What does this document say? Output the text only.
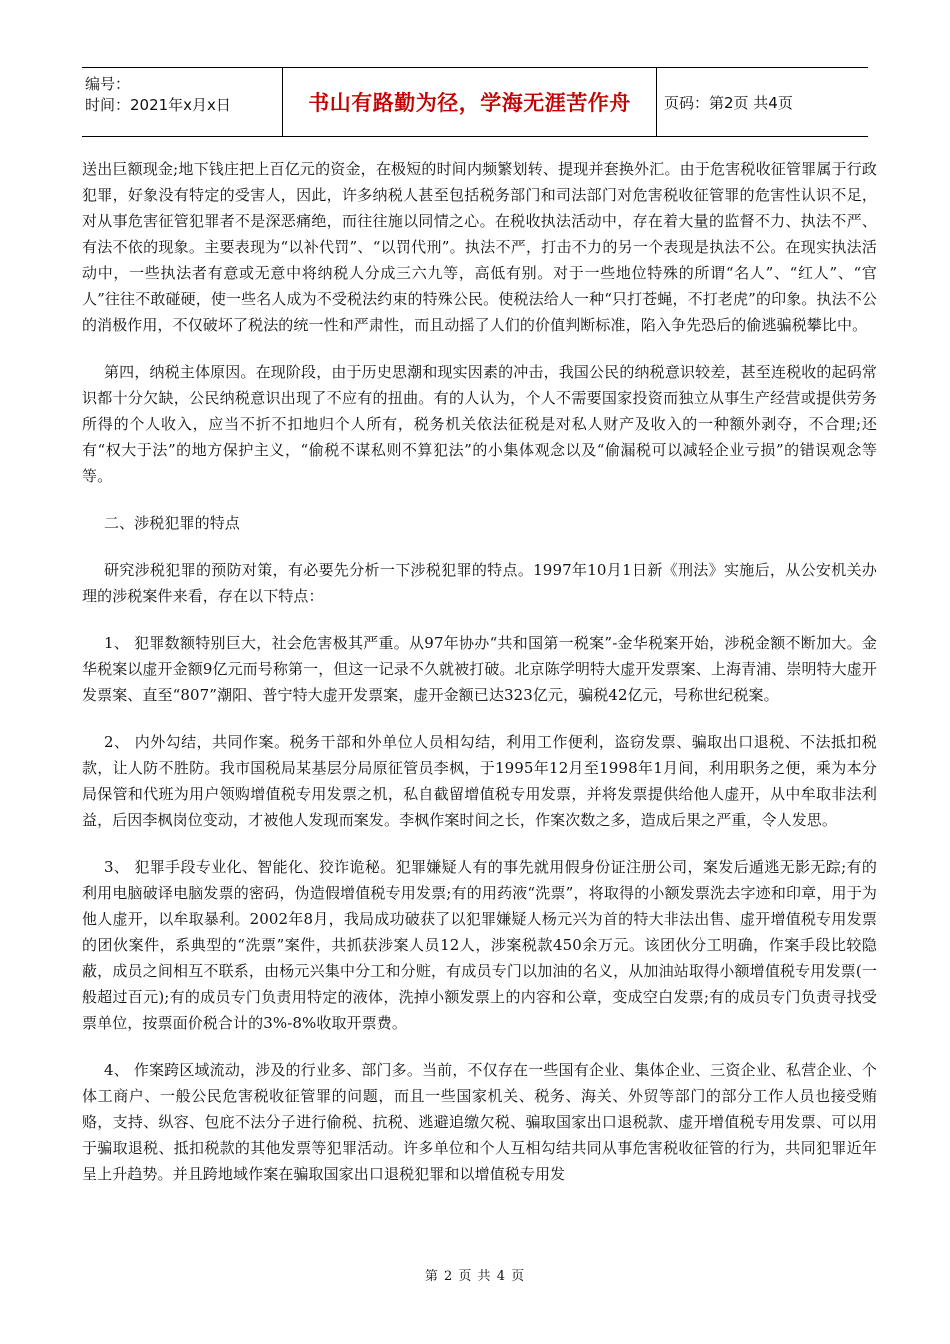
编号：
时间：2021年x月x日	书山有路勤为径，学海无涯苦作舟	页码：第2页 共4页

送出巨额现金;地下钱庄把上百亿元的资金，在极短的时间内频繁划转、提现并套换外汇。由于危害税收征管罪属于行政犯罪，好象没有特定的受害人，因此，许多纳税人甚至包括税务部门和司法部门对危害税收征管罪的危害性认识不足，对从事危害征管犯罪者不是深恶痛绝，而往往施以同情之心。在税收执法活动中，存在着大量的监督不力、执法不严、有法不依的现象。主要表现为“以补代罚”、“以罚代刑”。执法不严，打击不力的另一个表现是执法不公。在现实执法活动中，一些执法者有意或无意中将纳税人分成三六九等，高低有别。对于一些地位特殊的所谓“名人”、“红人”、“官人”往往不敢碰硬，使一些名人成为不受税法约束的特殊公民。使税法给人一种“只打苍蝇，不打老虎”的印象。执法不公的消极作用，不仅破坏了税法的统一性和严肃性，而且动摇了人们的价值判断标准，陷入争先恐后的偷逃骗税攀比中。

第四，纳税主体原因。在现阶段，由于历史思潮和现实因素的冲击，我国公民的纳税意识较差，甚至连税收的起码常识都十分欠缺，公民纳税意识出现了不应有的扭曲。有的人认为，个人不需要国家投资而独立从事生产经营或提供劳务所得的个人收入，应当不折不扣地归个人所有，税务机关依法征税是对私人财产及收入的一种额外剥夺，不合理;还有“权大于法”的地方保护主义，“偷税不谋私则不算犯法”的小集体观念以及“偷漏税可以减轻企业亏损”的错误观念等等。

二、涉税犯罪的特点

研究涉税犯罪的预防对策，有必要先分析一下涉税犯罪的特点。1997年10月1日新《刑法》实施后，从公安机关办理的涉税案件来看，存在以下特点：

1、 犯罪数额特别巨大，社会危害极其严重。从97年协办“共和国第一税案”-金华税案开始，涉税金额不断加大。金华税案以虚开金额9亿元而号称第一，但这一记录不久就被打破。北京陈学明特大虚开发票案、上海青浦、崇明特大虚开发票案、直至“807”潮阳、普宁特大虚开发票案，虚开金额已达323亿元，骗税42亿元，号称世纪税案。

2、 内外勾结，共同作案。税务干部和外单位人员相勾结，利用工作便利，盗窃发票、骗取出口退税、不法抵扣税款，让人防不胜防。我市国税局某基层分局原征管员李枫，于1995年12月至1998年1月间，利用职务之便，乘为本分局保管和代班为用户领购增值税专用发票之机，私自截留增值税专用发票，并将发票提供给他人虚开，从中牟取非法利益，后因李枫岗位变动，才被他人发现而案发。李枫作案时间之长，作案次数之多，造成后果之严重，令人发思。

3、 犯罪手段专业化、智能化、狡诈诡秘。犯罪嫌疑人有的事先就用假身份证注册公司，案发后遁逃无影无踪;有的利用电脑破译电脑发票的密码，伪造假增值税专用发票;有的用药液“洗票”，将取得的小额发票洗去字迹和印章，用于为他人虚开，以牟取暴利。2002年8月，我局成功破获了以犯罪嫌疑人杨元兴为首的特大非法出售、虚开增值税专用发票的团伙案件，系典型的“洗票”案件，共抓获涉案人员12人，涉案税款450余万元。该团伙分工明确，作案手段比较隐蔽，成员之间相互不联系，由杨元兴集中分工和分赃，有成员专门以加油的名义，从加油站取得小额增值税专用发票(一般超过百元);有的成员专门负责用特定的液体，洗掉小额发票上的内容和公章，变成空白发票;有的成员专门负责寻找受票单位，按票面价税合计的3%-8%收取开票费。

4、 作案跨区域流动，涉及的行业多、部门多。当前，不仅存在一些国有企业、集体企业、三资企业、私营企业、个体工商户、一般公民危害税收征管罪的问题，而且一些国家机关、税务、海关、外贸等部门的部分工作人员也接受贿赂，支持、纵容、包庇不法分子进行偷税、抗税、逃避追缴欠税、骗取国家出口退税款、虚开增值税专用发票、可以用于骗取退税、抵扣税款的其他发票等犯罪活动。许多单位和个人互相勾结共同从事危害税收征管的行为，共同犯罪近年呈上升趋势。并且跨地域作案在骗取国家出口退税犯罪和以增值税专用发

第 2 页 共 4 页
